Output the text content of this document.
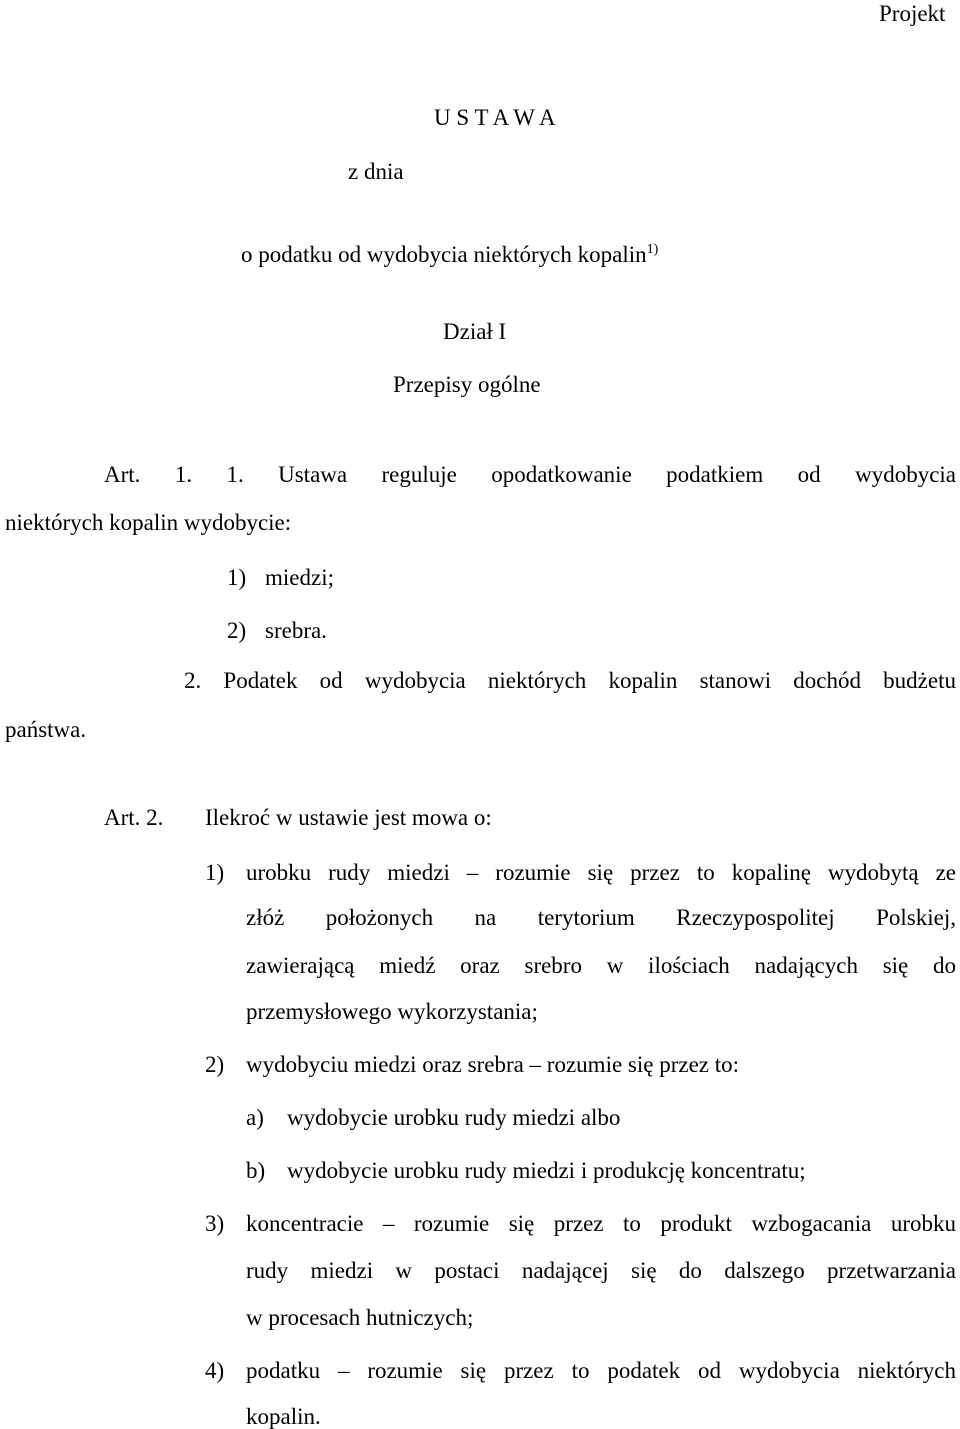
Projekt
U S T A W A
z dnia
o podatku od wydobycia niektórych kopalin$^{1)}$
Dział I
Przepisy ogólne
Art. 1. 1. Ustawa reguluje opodatkowanie podatkiem od wydobycia
niektórych kopalin wydobycie:
1) miedzi;
2) srebra.
2. Podatek od wydobycia niektórych kopalin stanowi dochód budżetu
państwa.
Art. 2. Ilekroć w ustawie jest mowa o:
1) urobku rudy miedzi – rozumie się przez to kopalinę wydobytą ze
złóż położonych na terytorium Rzeczypospolitej Polskiej,
zawierającą miedź oraz srebro w ilościach nadających się do
przemysłowego wykorzystania;
2) wydobyciu miedzi oraz srebra – rozumie się przez to:
a) wydobycie urobku rudy miedzi albo
b) wydobycie urobku rudy miedzi i produkcję koncentratu;
3) koncentracie – rozumie się przez to produkt wzbogacania urobku
rudy miedzi w postaci nadającej się do dalszego przetwarzania
w procesach hutniczych;
4) podatku – rozumie się przez to podatek od wydobycia niektórych
kopalin.
